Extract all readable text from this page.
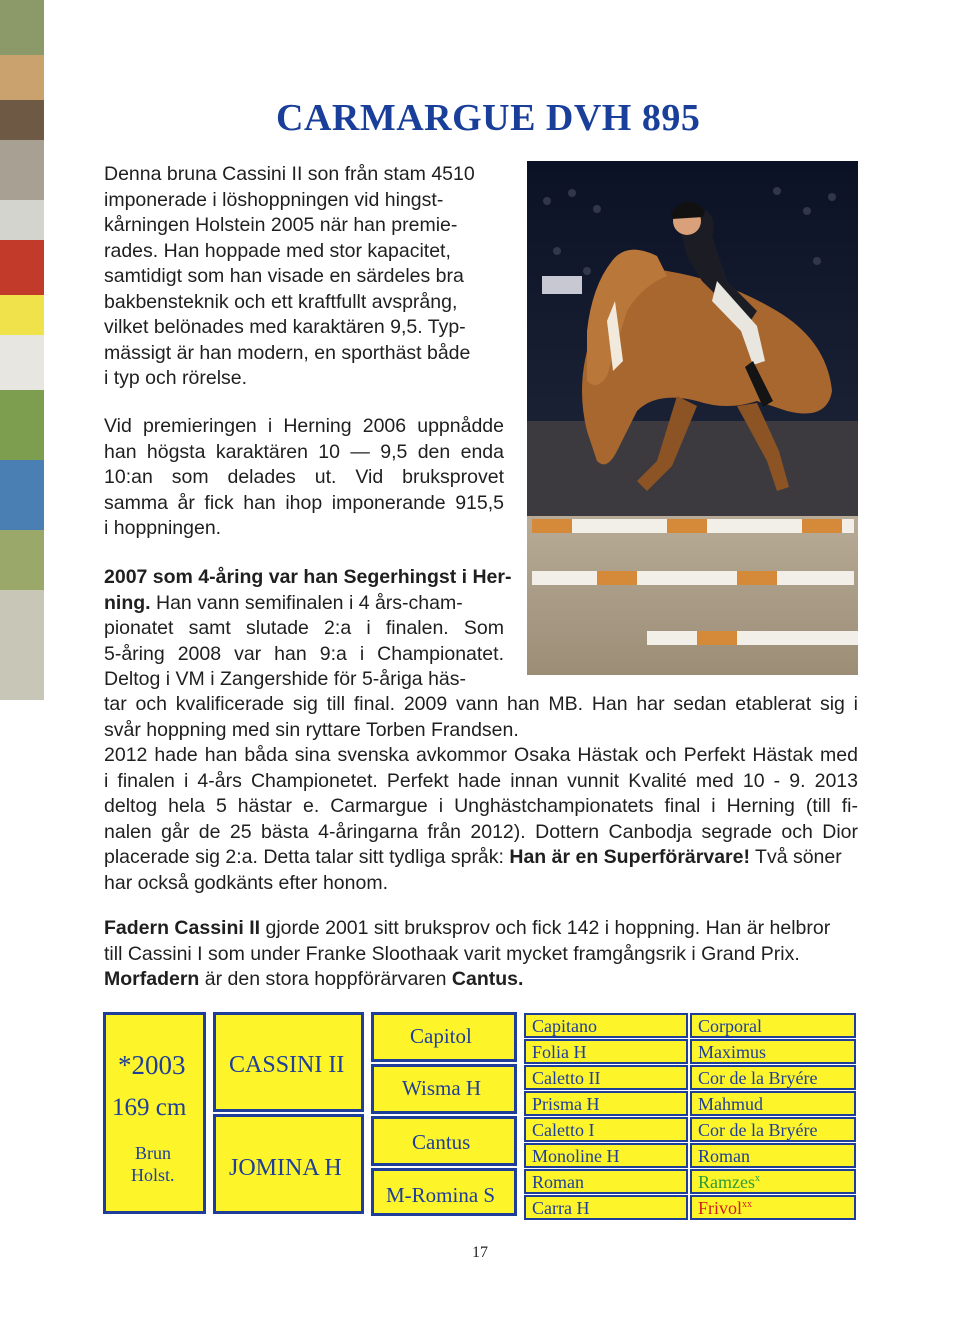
CARMARGUE DVH 895

Denna bruna Cassini II son från stam 4510

imponerade i löshoppningen vid hingst-

kårningen Holstein 2005 när han premie-

rades. Han hoppade med stor kapacitet,

samtidigt som han visade en särdeles bra

bakbensteknik och ett kraftfullt avsprång,

vilket belönades med karaktären 9,5. Typ-

mässigt är han modern, en sporthäst både

i typ och rörelse.

Vid premieringen i Herning 2006 uppnådde

han högsta karaktären 10 — 9,5 den enda

10:an som delades ut. Vid bruksprovet

samma år fick han ihop imponerande 915,5

i hoppningen.

2007 som 4-åring var han Segerhingst i Her-

ning. Han vann semifinalen i 4 års-cham-

pionatet samt slutade 2:a i finalen. Som

5-åring 2008 var han 9:a i Championatet.

Deltog i VM i Zangershide för 5-åriga häs-

tar och kvalificerade sig till final. 2009 vann han MB. Han har sedan etablerat sig i

svår hoppning med sin ryttare Torben Frandsen.

2012 hade han båda sina svenska avkommor Osaka Hästak och Perfekt Hästak med

i finalen i 4-års Championetet. Perfekt hade innan vunnit Kvalité med 10 - 9. 2013

deltog hela 5 hästar e. Carmargue i Unghästchampionatets final i Herning (till fi-

nalen går de 25 bästa 4-åringarna från 2012). Dottern Canbodja segrade och Dior

placerade sig 2:a. Detta talar sitt tydliga språk: Han är en Superförärvare! Två söner

har också godkänts efter honom.

Fadern Cassini II gjorde 2001 sitt bruksprov och fick 142 i hoppning. Han är helbror

till Cassini I som under Franke Sloothaak varit mycket framgångsrik i Grand Prix.

Morfadern är den stora hoppförärvaren Cantus.

*2003
169 cm
Brun
Holst.
CASSINI II
JOMINA H
Capitol
Wisma H
Cantus
M-Romina S
Capitano
Folia H
Caletto II
Prisma H
Caletto I
Monoline H
Roman
Carra H
Corporal
Maximus
Cor de la Bryére
Mahmud
Cor de la Bryére
Roman
Ramzes$^x$
Frivol$^{xx}$
17
